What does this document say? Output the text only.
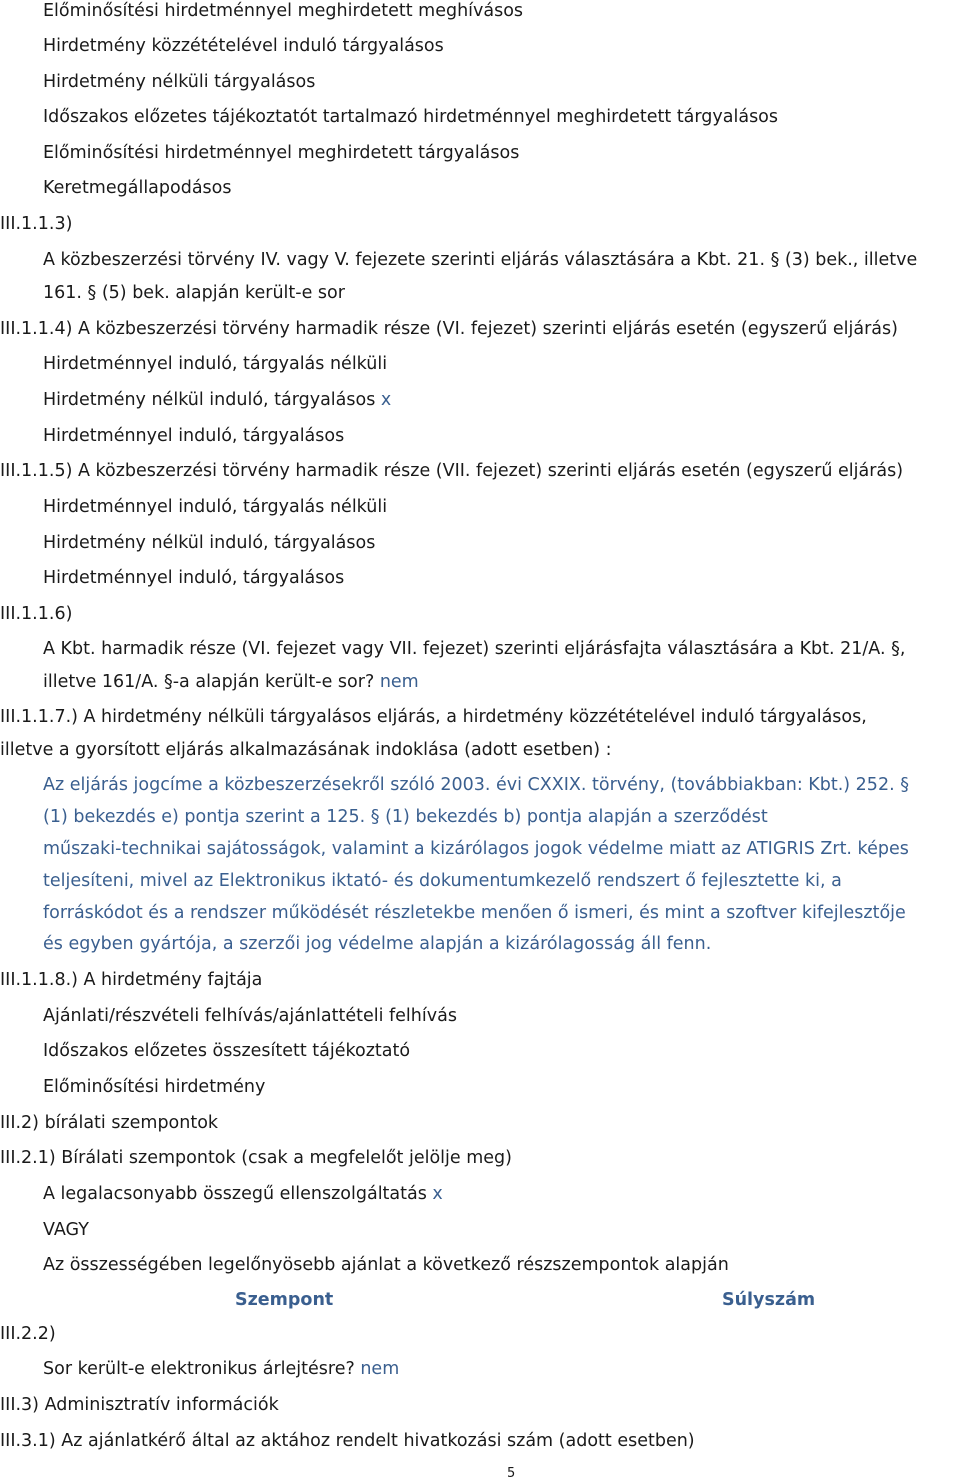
Előminősítési hirdetménnyel meghirdetett meghívásos
Hirdetmény közzétételével induló tárgyalásos
Hirdetmény nélküli tárgyalásos
Időszakos előzetes tájékoztatót tartalmazó hirdetménnyel meghirdetett tárgyalásos
Előminősítési hirdetménnyel meghirdetett tárgyalásos
Keretmegállapodásos
III.1.1.3)
A közbeszerzési törvény IV. vagy V. fejezete szerinti eljárás választására a Kbt. 21. § (3) bek., illetve
161. § (5) bek. alapján került-e sor
III.1.1.4) A közbeszerzési törvény harmadik része (VI. fejezet) szerinti eljárás esetén (egyszerű eljárás)
Hirdetménnyel induló, tárgyalás nélküli
Hirdetmény nélkül induló, tárgyalásos x
Hirdetménnyel induló, tárgyalásos
III.1.1.5) A közbeszerzési törvény harmadik része (VII. fejezet) szerinti eljárás esetén (egyszerű eljárás)
Hirdetménnyel induló, tárgyalás nélküli
Hirdetmény nélkül induló, tárgyalásos
Hirdetménnyel induló, tárgyalásos
III.1.1.6)
A Kbt. harmadik része (VI. fejezet vagy VII. fejezet) szerinti eljárásfajta választására a Kbt. 21/A. §,
illetve 161/A. §-a alapján került-e sor? nem
III.1.1.7.) A hirdetmény nélküli tárgyalásos eljárás, a hirdetmény közzétételével induló tárgyalásos,
illetve a gyorsított eljárás alkalmazásának indoklása (adott esetben) :
Az eljárás jogcíme a közbeszerzésekről szóló 2003. évi CXXIX. törvény, (továbbiakban: Kbt.) 252. §
(1) bekezdés e) pontja szerint a 125. § (1) bekezdés b) pontja alapján a szerződést
műszaki-technikai sajátosságok, valamint a kizárólagos jogok védelme miatt az ATIGRIS Zrt. képes
teljesíteni, mivel az Elektronikus iktató- és dokumentumkezelő rendszert ő fejlesztette ki, a
forráskódot és a rendszer működését részletekbe menően ő ismeri, és mint a szoftver kifejlesztője
és egyben gyártója, a szerzői jog védelme alapján a kizárólagosság áll fenn.
III.1.1.8.) A hirdetmény fajtája
Ajánlati/részvételi felhívás/ajánlattételi felhívás
Időszakos előzetes összesített tájékoztató
Előminősítési hirdetmény
III.2) bírálati szempontok
III.2.1) Bírálati szempontok (csak a megfelelőt jelölje meg)
A legalacsonyabb összegű ellenszolgáltatás x
VAGY
Az összességében legelőnyösebb ajánlat a következő részszempontok alapján
Szempont	Súlyszám
III.2.2)
Sor került-e elektronikus árlejtésre? nem
III.3) Adminisztratív információk
III.3.1) Az ajánlatkérő által az aktához rendelt hivatkozási szám (adott esetben)
5
